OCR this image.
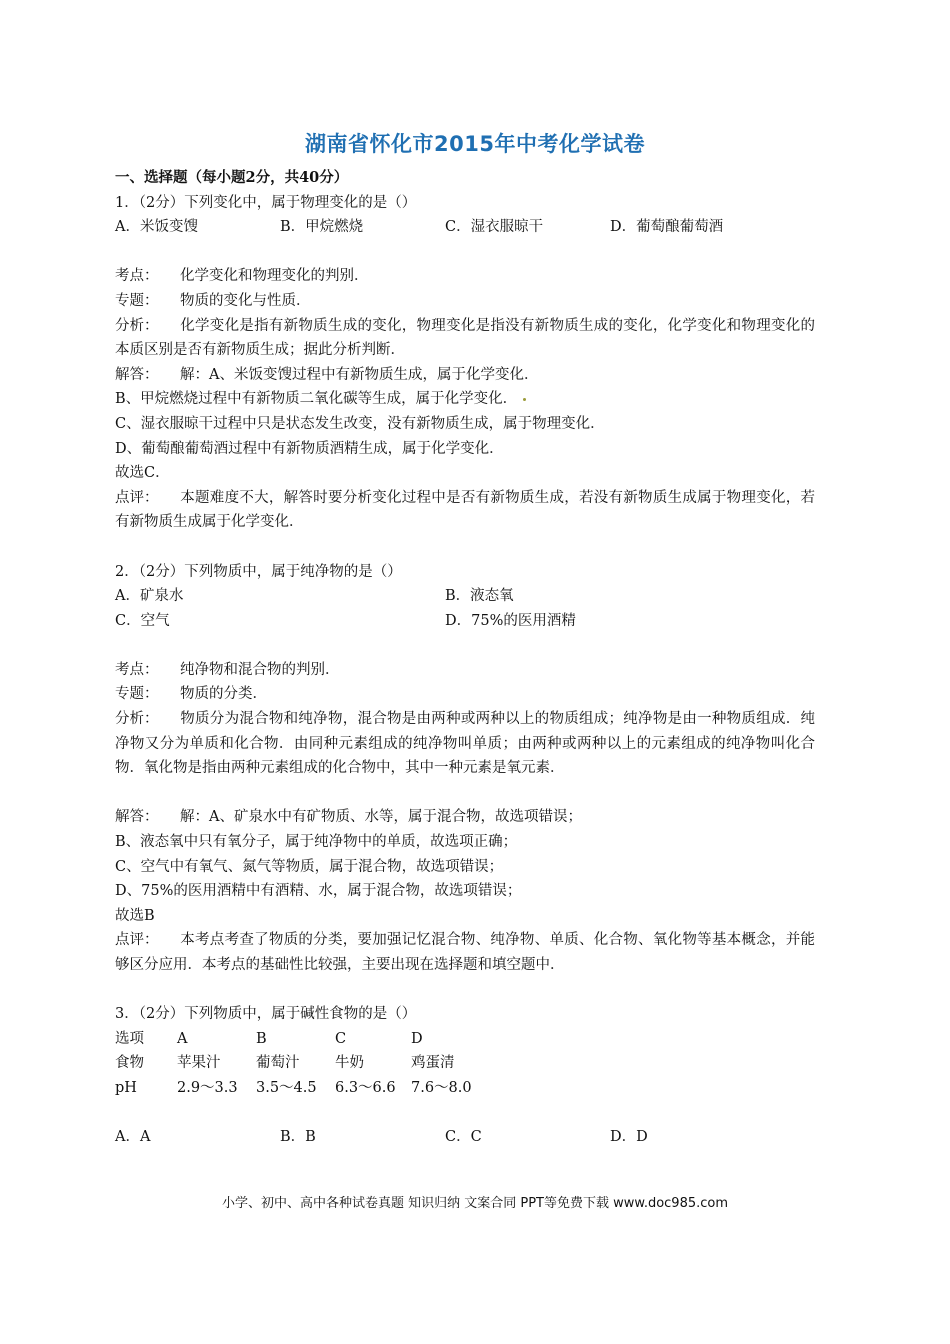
湖南省怀化市2015年中考化学试卷
一、选择题（每小题2分，共40分）
1．（2分）下列变化中，属于物理变化的是（）
A．米饭变馊	B．甲烷燃烧	C．湿衣服晾干	D．葡萄酿葡萄酒
考点： 化学变化和物理变化的判别．
专题： 物质的变化与性质．
分析： 化学变化是指有新物质生成的变化，物理变化是指没有新物质生成的变化，化学变化和物理变化的本质区别是否有新物质生成；据此分析判断．
解答： 解：A、米饭变馊过程中有新物质生成，属于化学变化．
B、甲烷燃烧过程中有新物质二氧化碳等生成，属于化学变化．
C、湿衣服晾干过程中只是状态发生改变，没有新物质生成，属于物理变化．
D、葡萄酿葡萄酒过程中有新物质酒精生成，属于化学变化．
故选C．
点评： 本题难度不大，解答时要分析变化过程中是否有新物质生成，若没有新物质生成属于物理变化，若有新物质生成属于化学变化．
2．（2分）下列物质中，属于纯净物的是（）
A．矿泉水	B．液态氧
C．空气	D．75%的医用酒精
考点： 纯净物和混合物的判别．
专题： 物质的分类．
分析： 物质分为混合物和纯净物，混合物是由两种或两种以上的物质组成；纯净物是由一种物质组成．纯净物又分为单质和化合物．由同种元素组成的纯净物叫单质；由两种或两种以上的元素组成的纯净物叫化合物．氧化物是指由两种元素组成的化合物中，其中一种元素是氧元素．
解答： 解：A、矿泉水中有矿物质、水等，属于混合物，故选项错误；
B、液态氧中只有氧分子，属于纯净物中的单质，故选项正确；
C、空气中有氧气、氮气等物质，属于混合物，故选项错误；
D、75%的医用酒精中有酒精、水，属于混合物，故选项错误；
故选B
点评： 本考点考查了物质的分类，要加强记忆混合物、纯净物、单质、化合物、氧化物等基本概念，并能够区分应用．本考点的基础性比较强，主要出现在选择题和填空题中．
3．（2分）下列物质中，属于碱性食物的是（）
选项	A	B	C	D
食物	苹果汁	葡萄汁	牛奶	鸡蛋清
pH	2.9～3.3	3.5～4.5	6.3～6.6	7.6～8.0
A．A	B．B	C．C	D．D
小学、初中、高中各种试卷真题 知识归纳 文案合同 PPT等免费下载 www.doc985.com
